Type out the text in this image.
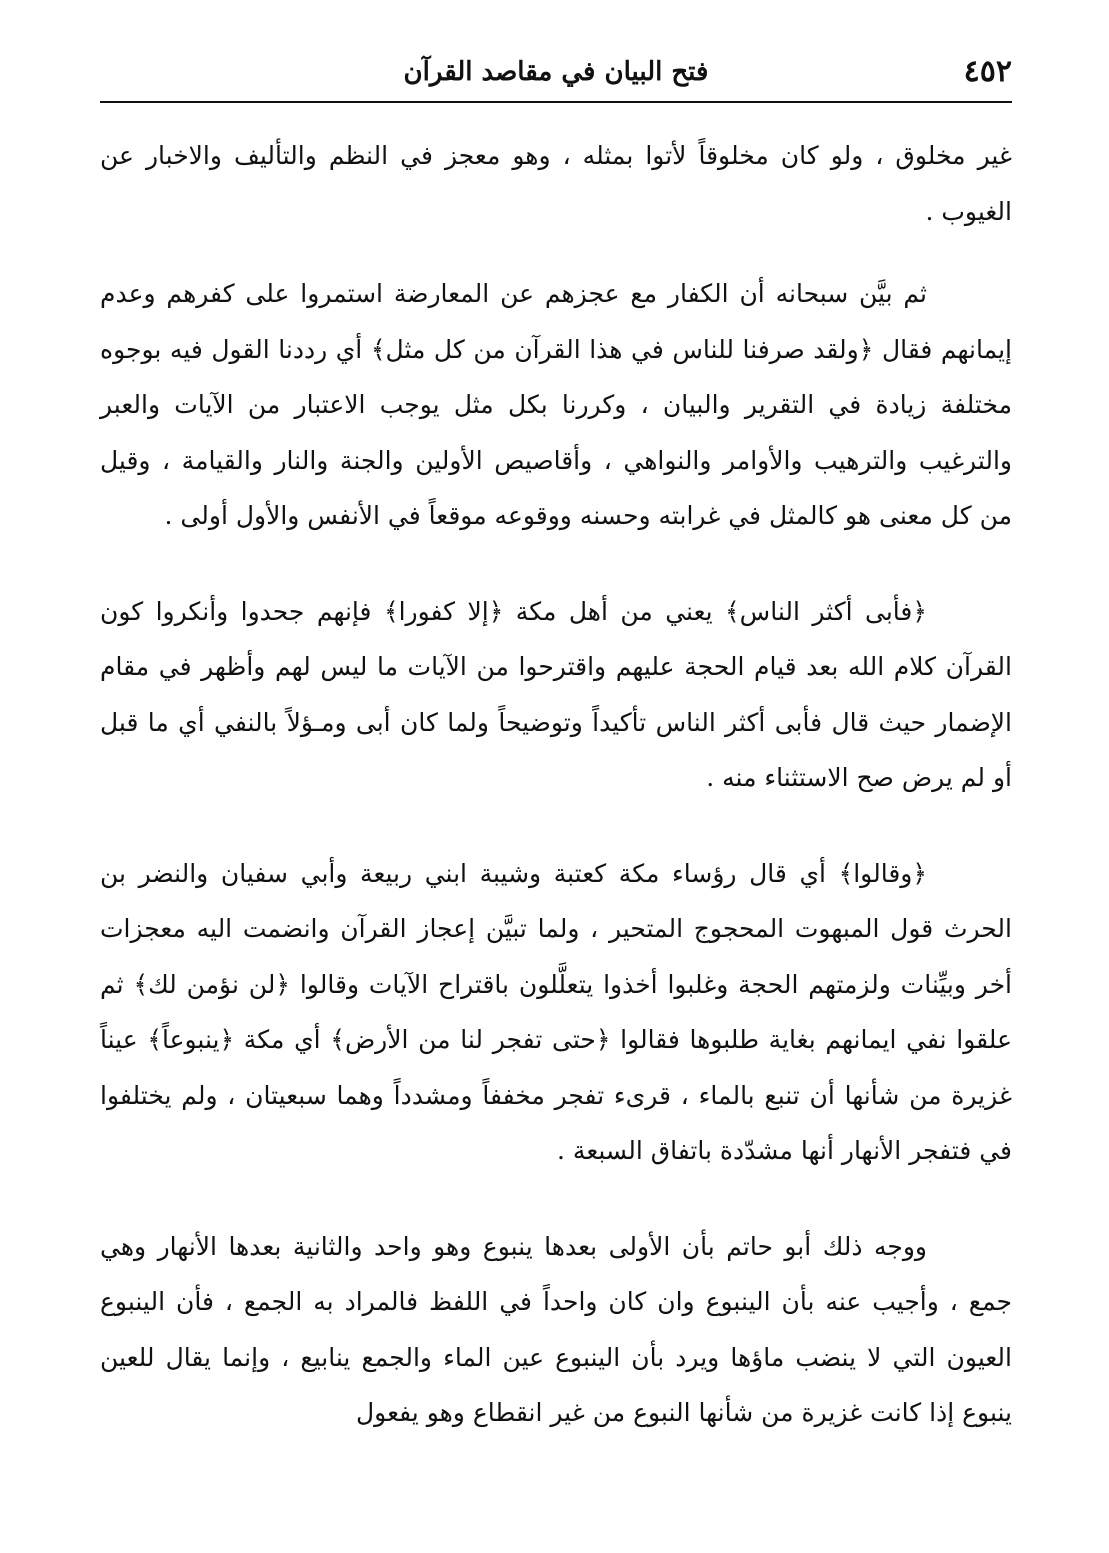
٤٥٢
فتح البيان في مقاصد القرآن

غير مخلوق ، ولو كان مخلوقاً لأتوا بمثله ، وهو معجز في النظم والتأليف والاخبار عن الغيوب .

ثم بيَّن سبحانه أن الكفار مع عجزهم عن المعارضة استمروا على كفرهم وعدم إيمانهم فقال ﴿ولقد صرفنا للناس في هذا القرآن من كل مثل﴾ أي رددنا القول فيه بوجوه مختلفة زيادة في التقرير والبيان ، وكررنا بكل مثل يوجب الاعتبار من الآيات والعبر والترغيب والترهيب والأوامر والنواهي ، وأقاصيص الأولين والجنة والنار والقيامة ، وقيل من كل معنى هو كالمثل في غرابته وحسنه ووقوعه موقعاً في الأنفس والأول أولى .

﴿فأبى أكثر الناس﴾ يعني من أهل مكة ﴿إلا كفورا﴾ فإنهم جحدوا وأنكروا كون القرآن كلام الله بعد قيام الحجة عليهم واقترحوا من الآيات ما ليس لهم وأظهر في مقام الإضمار حيث قال فأبى أكثر الناس تأكيداً وتوضيحاً ولما كان أبى ومـؤلاً بالنفي أي ما قبل أو لم يرض صح الاستثناء منه .

﴿وقالوا﴾ أي قال رؤساء مكة كعتبة وشيبة ابني ربيعة وأبي سفيان والنضر بن الحرث قول المبهوت المحجوج المتحير ، ولما تبيَّن إعجاز القرآن وانضمت اليه معجزات أخر وبيِّنات ولزمتهم الحجة وغلبوا أخذوا يتعلَّلون باقتراح الآيات وقالوا ﴿لن نؤمن لك﴾ ثم علقوا نفي ايمانهم بغاية طلبوها فقالوا ﴿حتى تفجر لنا من الأرض﴾ أي مكة ﴿ينبوعاً﴾ عيناً غزيرة من شأنها أن تنبع بالماء ، قرىء تفجر مخففاً ومشدداً وهما سبعيتان ، ولم يختلفوا في فتفجر الأنهار أنها مشدّدة باتفاق السبعة .

ووجه ذلك أبو حاتم بأن الأولى بعدها ينبوع وهو واحد والثانية بعدها الأنهار وهي جمع ، وأجيب عنه بأن الينبوع وان كان واحداً في اللفظ فالمراد به الجمع ، فأن الينبوع العيون التي لا ينضب ماؤها ويرد بأن الينبوع عين الماء والجمع ينابيع ، وإنما يقال للعين ينبوع إذا كانت غزيرة من شأنها النبوع من غير انقطاع وهو يفعول
